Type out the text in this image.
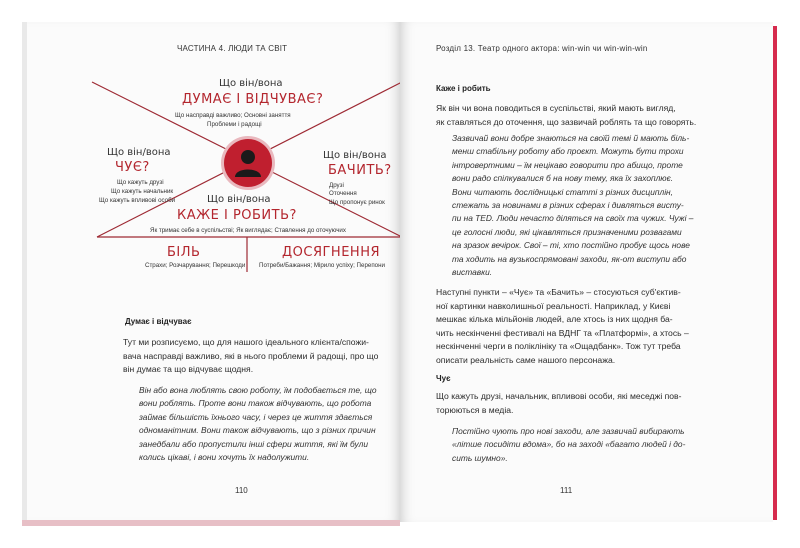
ЧАСТИНА 4. ЛЮДИ ТА СВІТ
Що він/вона
ДУМАЄ І ВІДЧУВАЄ?
Що насправді важливо; Основні заняття
Проблеми і радощі
Що він/вона
ЧУЄ?
Що кажуть друзі
Що кажуть начальник
Що кажуть впливові особи
Що він/вона
БАЧИТЬ?
Друзі
Оточення
Що пропонує ринок
Що він/вона
КАЖЕ І РОБИТЬ?
Як тримає себе в суспільстві; Як виглядає; Ставлення до оточуючих
БІЛЬ
Страхи; Розчарування; Перешкоди
ДОСЯГНЕННЯ
Потреби/Бажання; Мірило успіху; Перепони
Думає і відчуває
Тут ми розписуємо, що для нашого ідеального клієнта/спожи-
вача насправді важливо, які в нього проблеми й радощі, про що
він думає та що відчуває щодня.
Він або вона люблять свою роботу, їм подобається те, що
вони роблять. Проте вони також відчувають, що робота
займає більшість їхнього часу, і через це життя здається
одноманітним. Вони також відчувають, що з різних причин
занедбали або пропустили інші сфери життя, які їм були
колись цікаві, і вони хочуть їх надолужити.
110
Розділ 13. Театр одного актора: win-win чи win-win-win
Каже і робить
Як він чи вона поводиться в суспільстві, який мають вигляд,
як ставляться до оточення, що зазвичай роблять та що говорять.
Зазвичай вони добре знаються на своїй темі й мають біль-
менш стабільну роботу або проєкт. Можуть бути трохи
інтровертними – їм нецікаво говорити про абищо, проте
вони радо спілкувалися б на нову тему, яка їх захоплює.
Вони читають дослідницькі статті з різних дисциплін,
стежать за новинами в різних сферах і дивляться висту-
пи на TED. Люди нечасто діляться на своїх та чужих. Чужі –
це голосні люди, які цікавляться призначеними розвагами
на зразок вечірок. Свої – ті, хто постійно пробує щось нове
та ходить на вузькоспрямовані заходи, як-от виступи або
виставки.
Наступні пункти – «Чує» та «Бачить» – стосуються суб'єктив-
ної картинки навколишньої реальності. Наприклад, у Києві
мешкає кілька мільйонів людей, але хтось із них щодня ба-
чить нескінченні фестивалі на ВДНГ та «Платформі», а хтось –
нескінченні черги в поліклініку та «Ощадбанк». Тож тут треба
описати реальність саме нашого персонажа.
Чує
Що кажуть друзі, начальник, впливові особи, які меседжі пов-
торюються в медіа.
Постійно чують про нові заходи, але зазвичай вибирають
«літше посидіти вдома», бо на заході «багато людей і до-
сить шумно».
111
